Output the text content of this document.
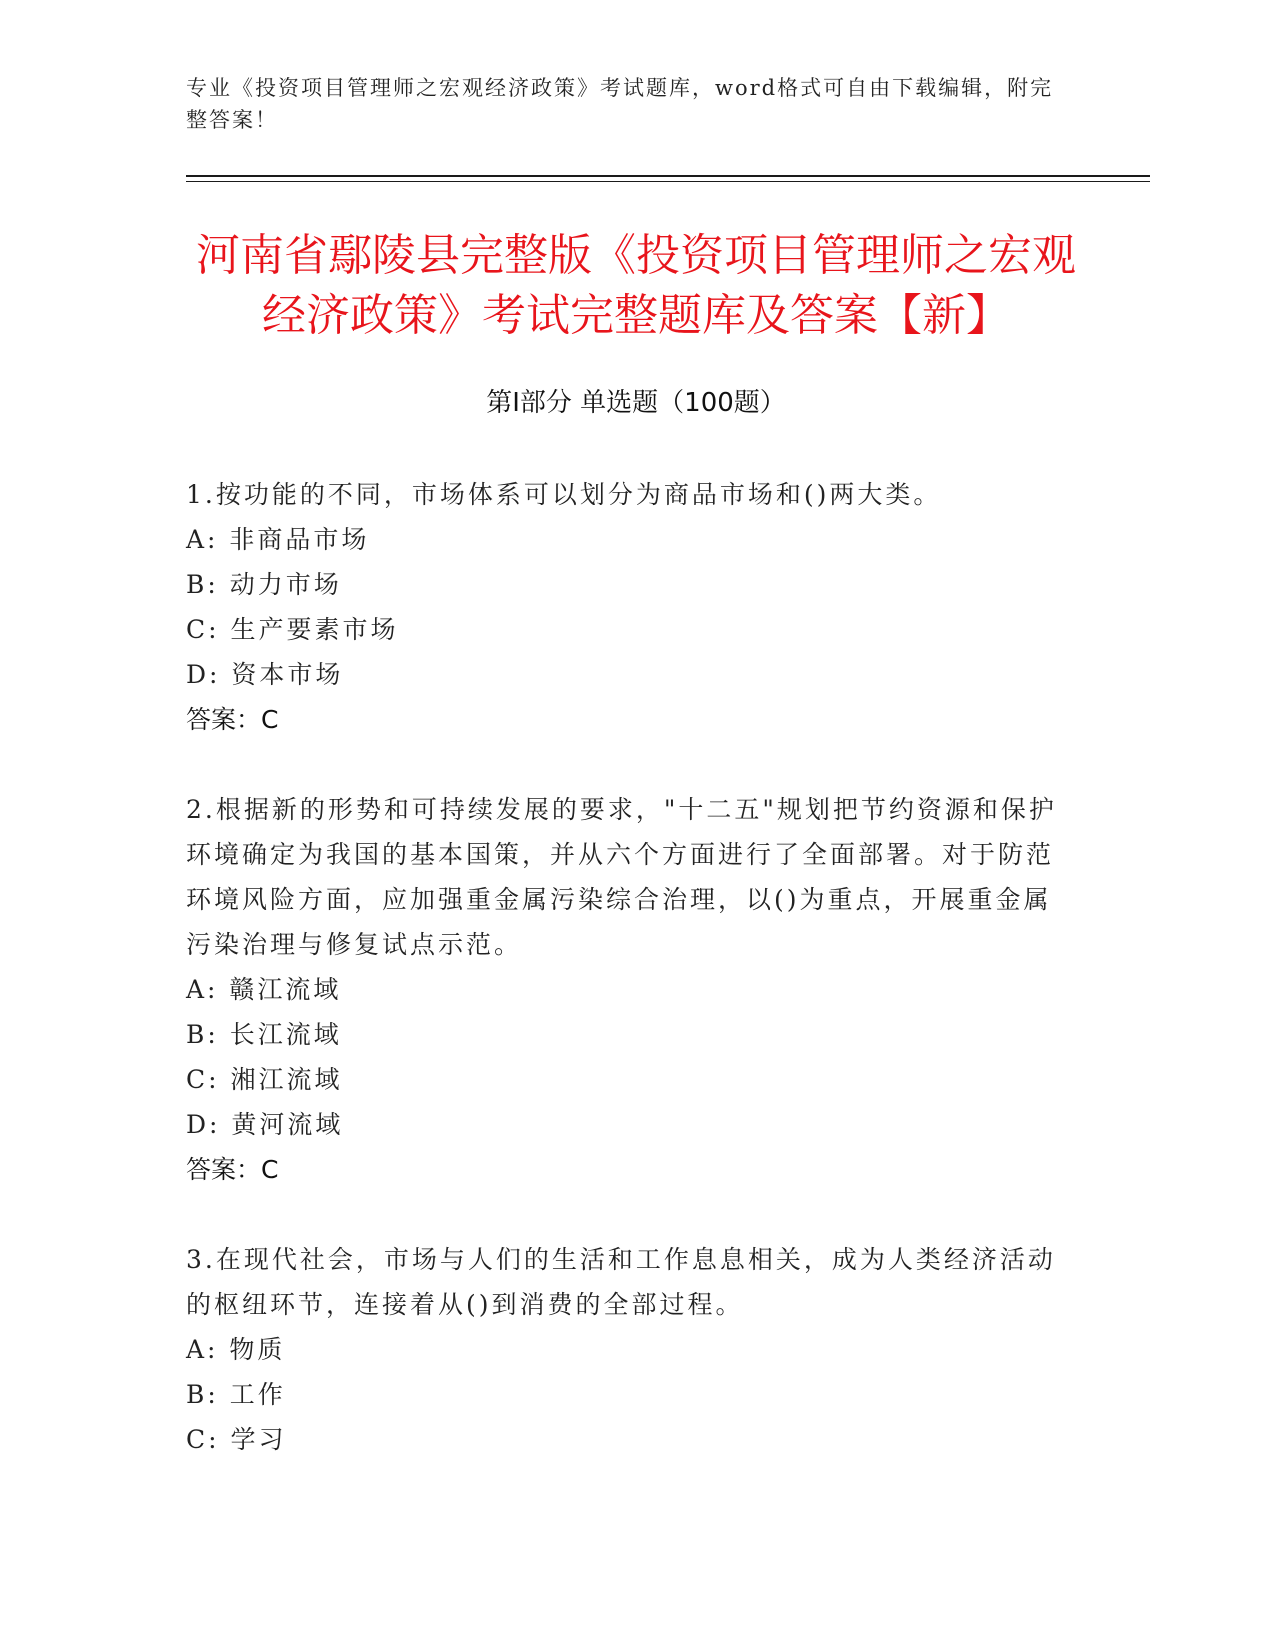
专业《投资项目管理师之宏观经济政策》考试题库，word格式可自由下载编辑，附完整答案！
河南省鄢陵县完整版《投资项目管理师之宏观经济政策》考试完整题库及答案【新】
第Ⅰ部分 单选题（100题）
1.按功能的不同，市场体系可以划分为商品市场和()两大类。
A: 非商品市场
B: 动力市场
C: 生产要素市场
D: 资本市场
答案：C
2.根据新的形势和可持续发展的要求，"十二五"规划把节约资源和保护环境确定为我国的基本国策，并从六个方面进行了全面部署。对于防范环境风险方面，应加强重金属污染综合治理，以()为重点，开展重金属污染治理与修复试点示范。
A: 赣江流域
B: 长江流域
C: 湘江流域
D: 黄河流域
答案：C
3.在现代社会，市场与人们的生活和工作息息相关，成为人类经济活动的枢纽环节，连接着从()到消费的全部过程。
A: 物质
B: 工作
C: 学习
